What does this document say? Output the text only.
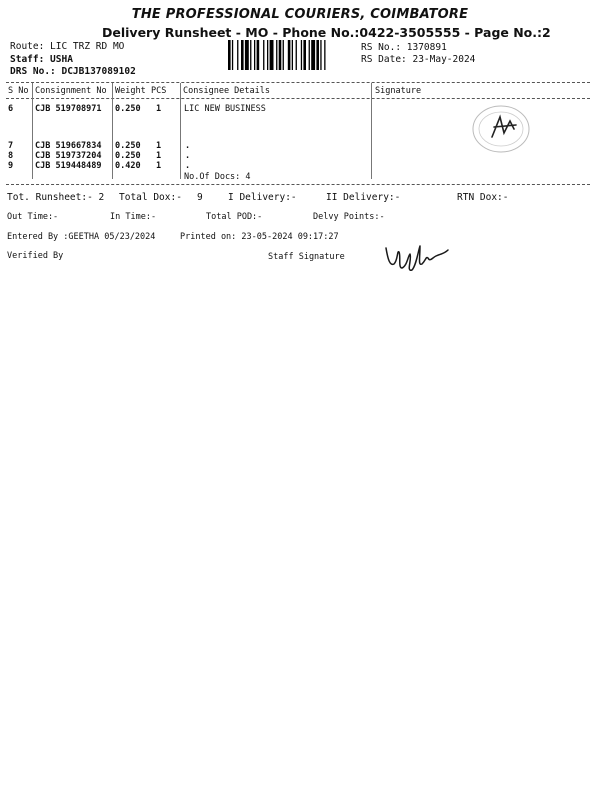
THE PROFESSIONAL COURIERS, COIMBATORE
Delivery Runsheet - MO - Phone No.:0422-3505555 - Page No.:2
Route: LIC TRZ RD MO
Staff: USHA
DRS No.: DCJB137089102
RS No.: 1370891
RS Date: 23-May-2024
S No Consignment No Weight PCS Consignee Details	Signature
6	CJB 519708971 0.250 1	LIC NEW BUSINESS
7	CJB 519667834 0.250 1	.
8	CJB 519737204 0.250 1	.
9	CJB 519448489 0.420 1	.
No.Of Docs: 4
Tot. Runsheet:- 2 Total Dox:- 9	I Delivery:-	II Delivery:-	RTN Dox:-
Out Time:-	In Time:-	Total POD:-	Delvy Points:-
Entered By :GEETHA 05/23/2024	Printed on: 23-05-2024 09:17:27
Verified By	Staff Signature
